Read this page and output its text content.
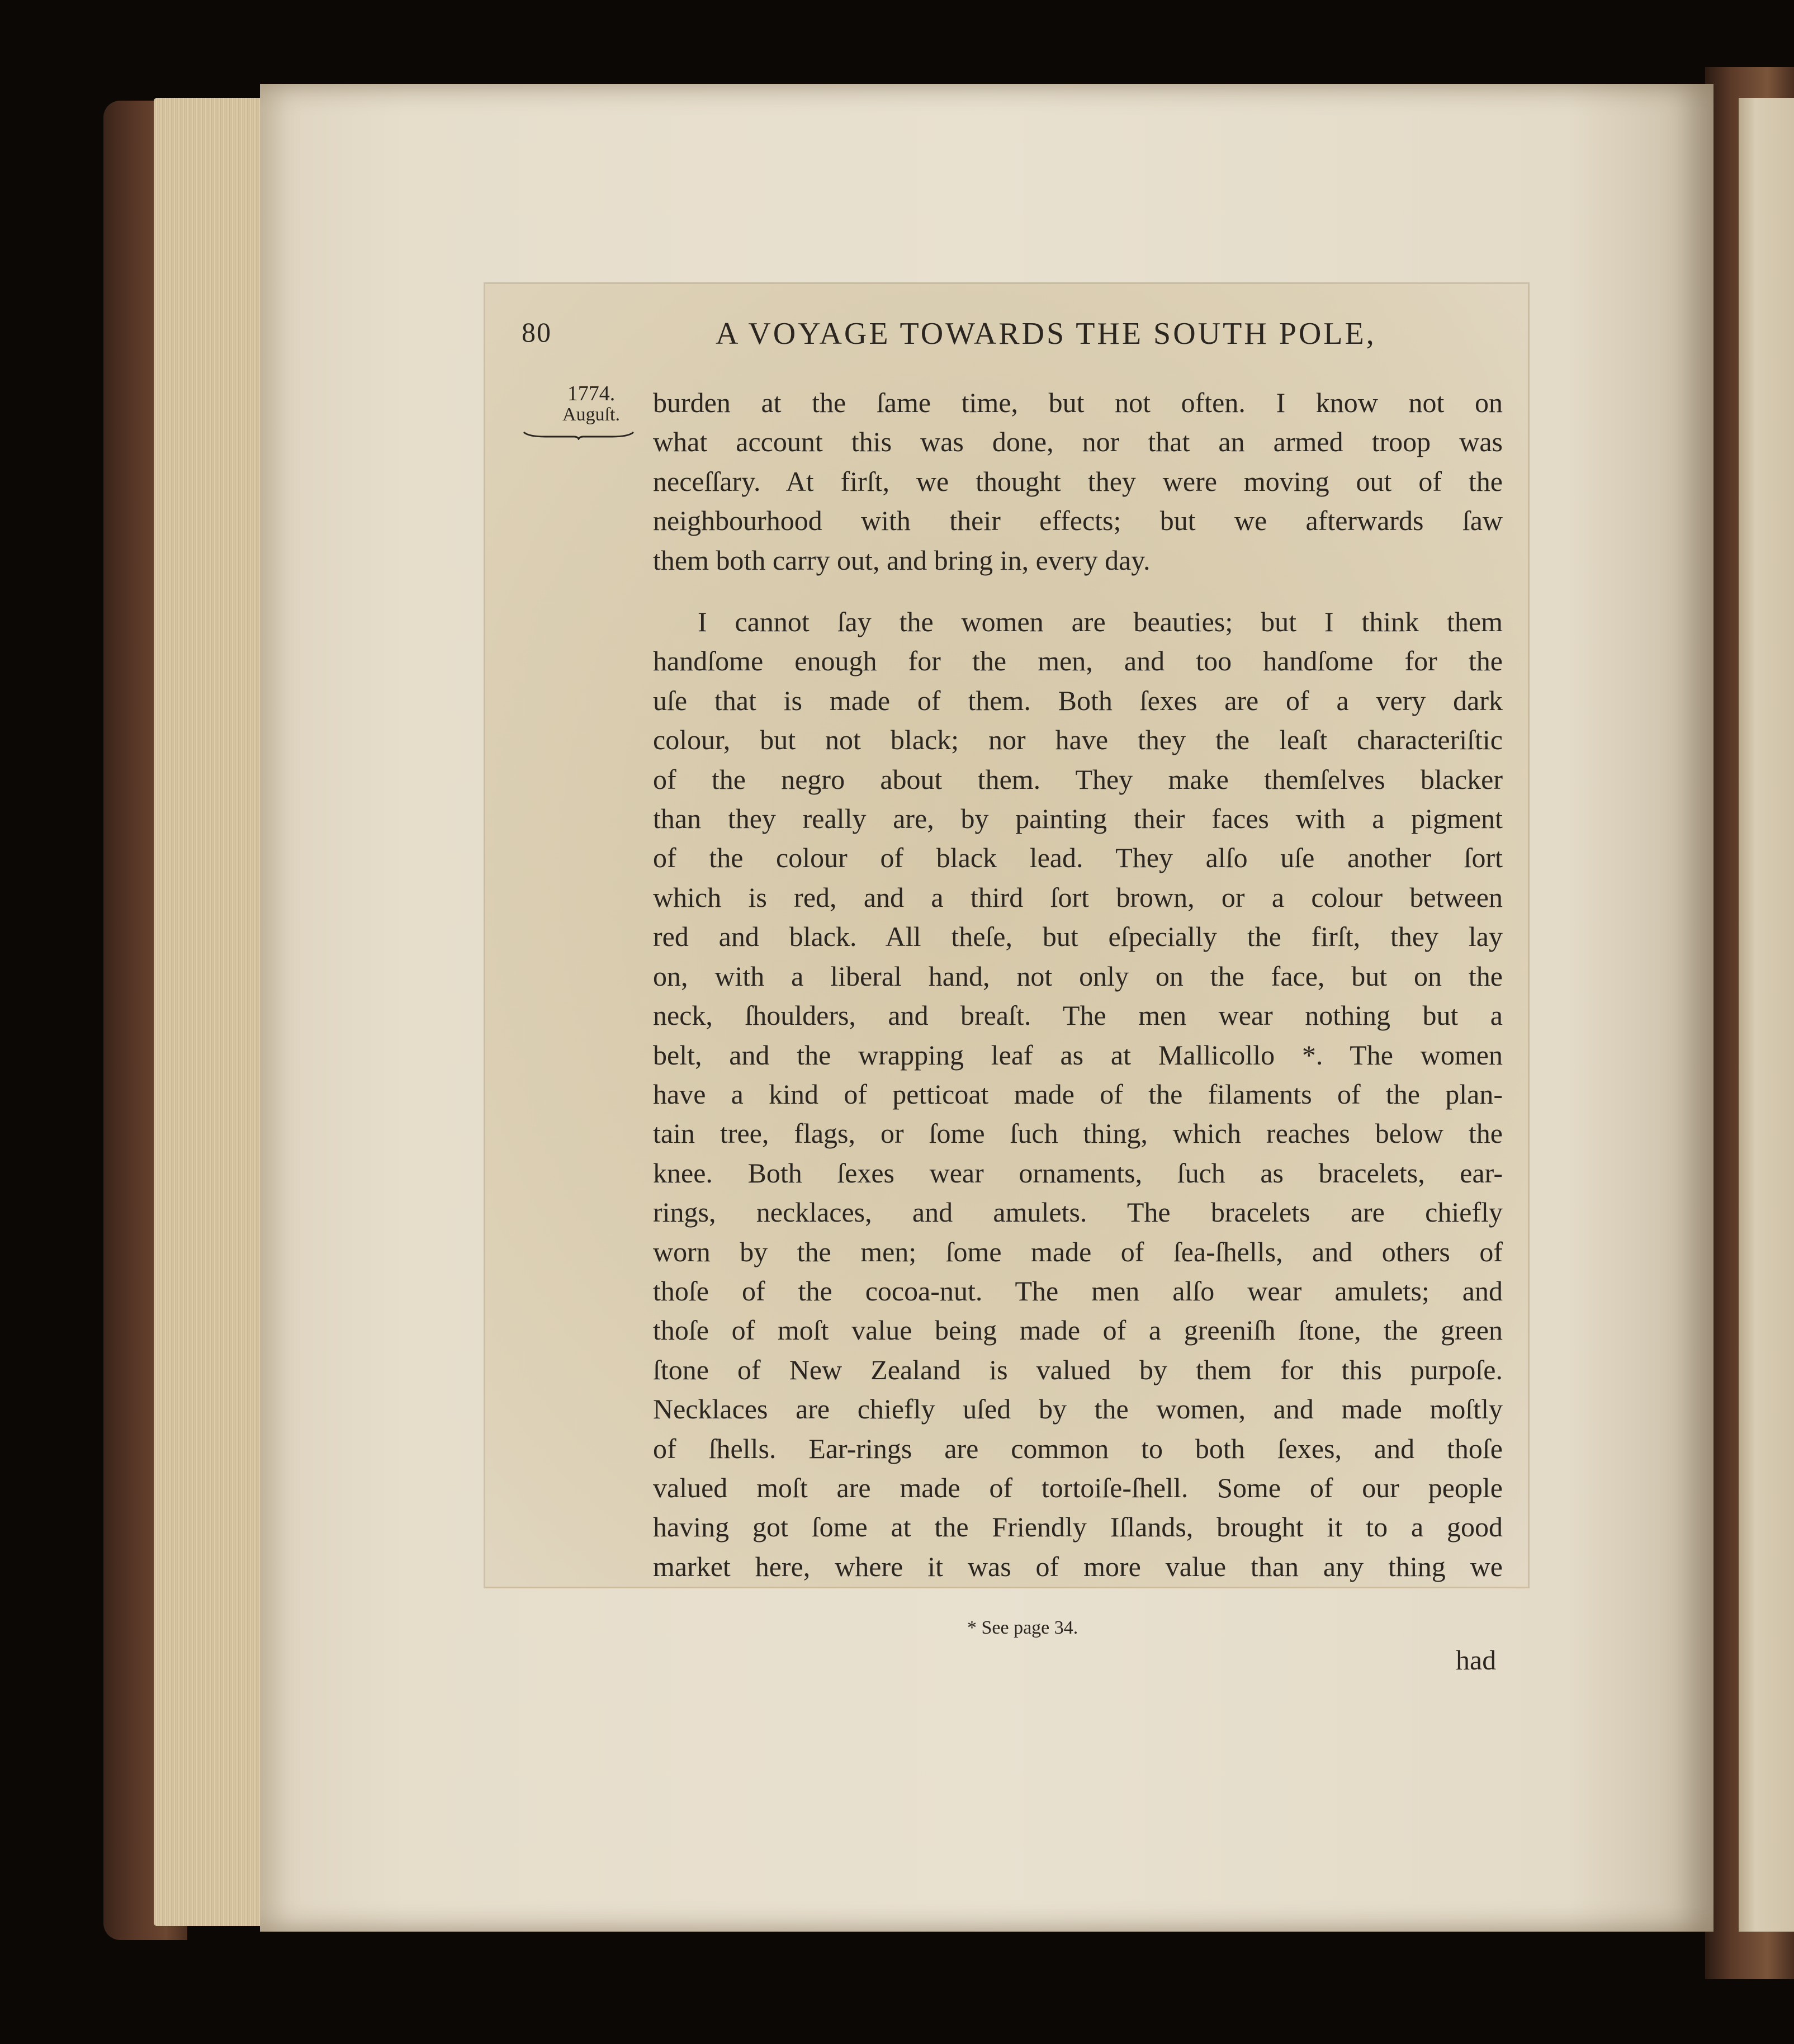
80	A VOYAGE TOWARDS THE SOUTH POLE,
1774.
Auguſt.	burden at the ſame time, but not often. I know not on
what account this was done, nor that an armed troop was
neceſſary. At firſt, we thought they were moving out of the
neighbourhood with their effects; but we afterwards ſaw
them both carry out, and bring in, every day.
I cannot ſay the women are beauties; but I think them
handſome enough for the men, and too handſome for the
uſe that is made of them. Both ſexes are of a very dark
colour, but not black; nor have they the leaſt characteriſtic
of the negro about them. They make themſelves blacker
than they really are, by painting their faces with a pigment
of the colour of black lead. They alſo uſe another ſort
which is red, and a third ſort brown, or a colour between
red and black. All theſe, but eſpecially the firſt, they lay
on, with a liberal hand, not only on the face, but on the
neck, ſhoulders, and breaſt. The men wear nothing but a
belt, and the wrapping leaf as at Mallicollo *. The women
have a kind of petticoat made of the filaments of the plan-
tain tree, flags, or ſome ſuch thing, which reaches below the
knee. Both ſexes wear ornaments, ſuch as bracelets, ear-
rings, necklaces, and amulets. The bracelets are chiefly
worn by the men; ſome made of ſea-ſhells, and others of
thoſe of the cocoa-nut. The men alſo wear amulets; and
thoſe of moſt value being made of a greeniſh ſtone, the green
ſtone of New Zealand is valued by them for this purpoſe.
Necklaces are chiefly uſed by the women, and made moſtly
of ſhells. Ear-rings are common to both ſexes, and thoſe
valued moſt are made of tortoiſe-ſhell. Some of our people
having got ſome at the Friendly Iſlands, brought it to a good
market here, where it was of more value than any thing we
* See page 34.
had
